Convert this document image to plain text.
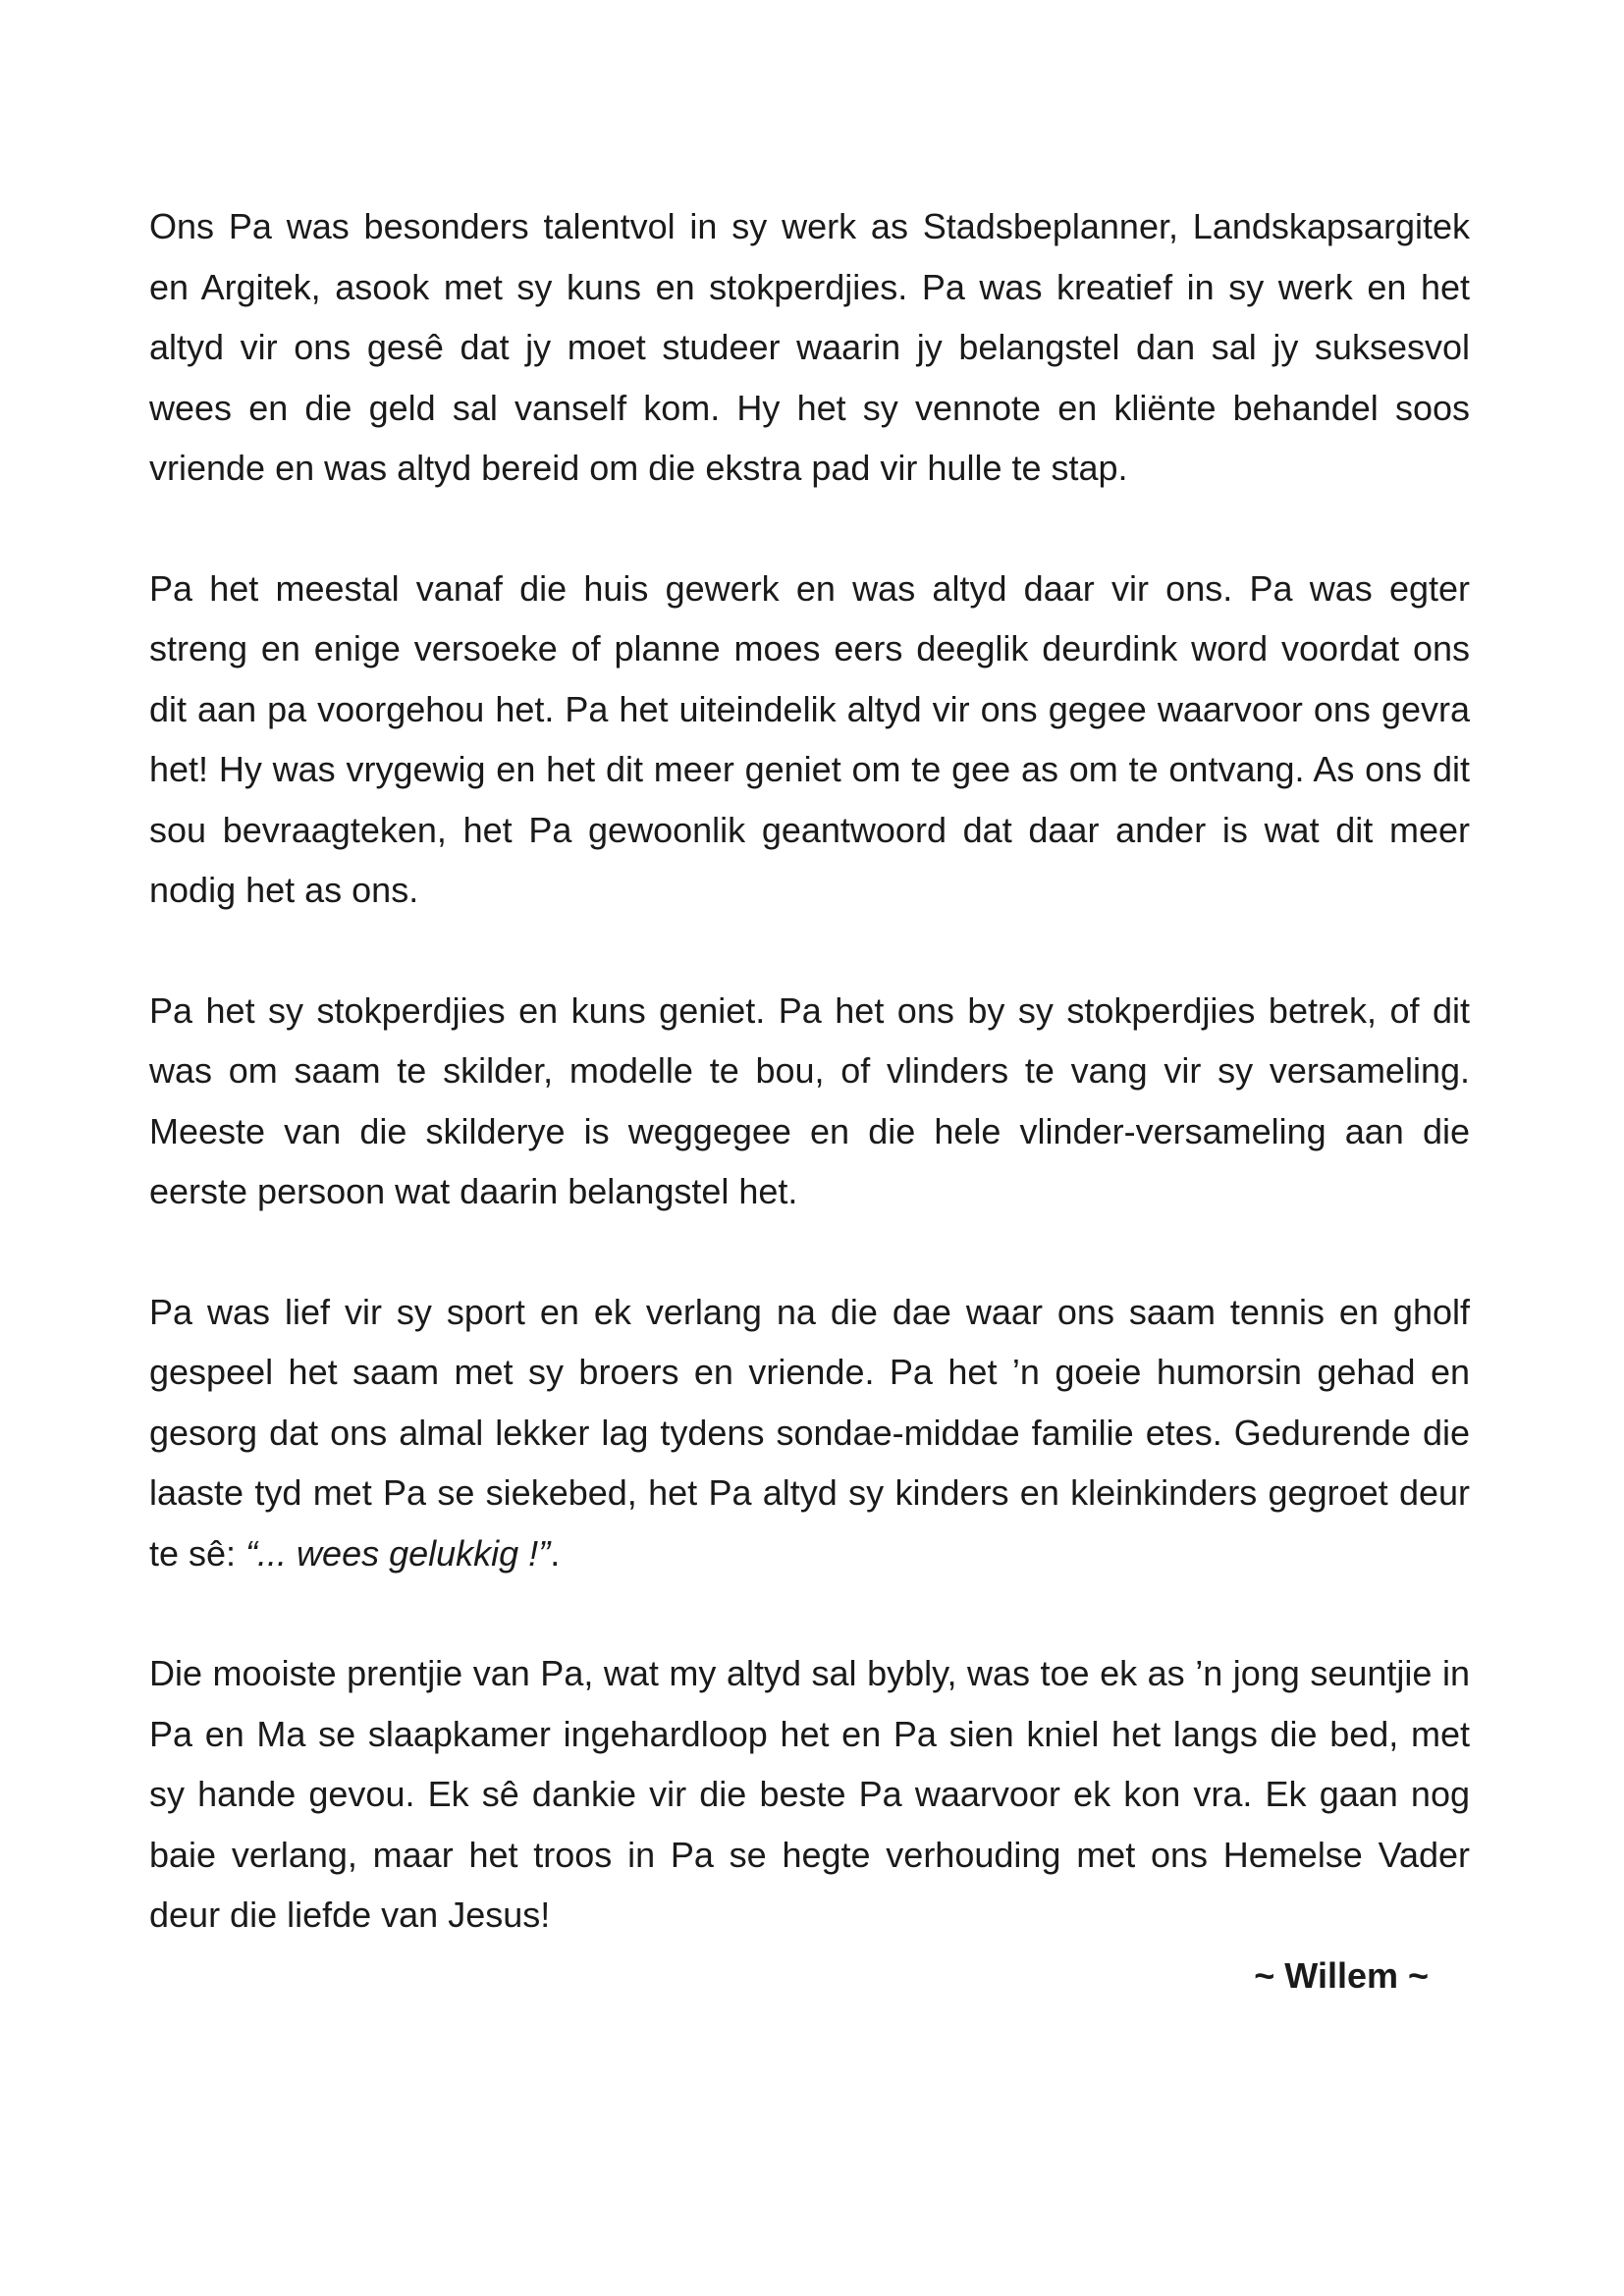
Ons Pa was besonders talentvol in sy werk as Stadsbeplanner, Landskapsargitek en Argitek, asook met sy kuns en stokperdjies. Pa was kreatief in sy werk en het altyd vir ons gesê dat jy moet studeer waarin jy belangstel dan sal jy suksesvol wees en die geld sal vanself kom. Hy het sy vennote en kliënte behandel soos vriende en was altyd bereid om die ekstra pad vir hulle te stap.

Pa het meestal vanaf die huis gewerk en was altyd daar vir ons. Pa was egter streng en enige versoeke of planne moes eers deeglik deurdink word voordat ons dit aan pa voorgehou het. Pa het uiteindelik altyd vir ons gegee waarvoor ons gevra het! Hy was vrygewig en het dit meer geniet om te gee as om te ontvang. As ons dit sou bevraagteken, het Pa gewoonlik geantwoord dat daar ander is wat dit meer nodig het as ons.

Pa het sy stokperdjies en kuns geniet. Pa het ons by sy stokperdjies betrek, of dit was om saam te skilder, modelle te bou, of vlinders te vang vir sy versameling. Meeste van die skilderye is weggegee en die hele vlinder-versameling aan die eerste persoon wat daarin belangstel het.

Pa was lief vir sy sport en ek verlang na die dae waar ons saam tennis en gholf gespeel het saam met sy broers en vriende. Pa het ’n goeie humorsin gehad en gesorg dat ons almal lekker lag tydens sondae-middae familie etes. Gedurende die laaste tyd met Pa se siekebed, het Pa altyd sy kinders en kleinkinders gegroet deur te sê: “... wees gelukkig !”.

Die mooiste prentjie van Pa, wat my altyd sal bybly, was toe ek as ’n jong seuntjie in Pa en Ma se slaapkamer ingehardloop het en Pa sien kniel het langs die bed, met sy hande gevou. Ek sê dankie vir die beste Pa waarvoor ek kon vra. Ek gaan nog baie verlang, maar het troos in Pa se hegte verhouding met ons Hemelse Vader deur die liefde van Jesus!

~ Willem ~
